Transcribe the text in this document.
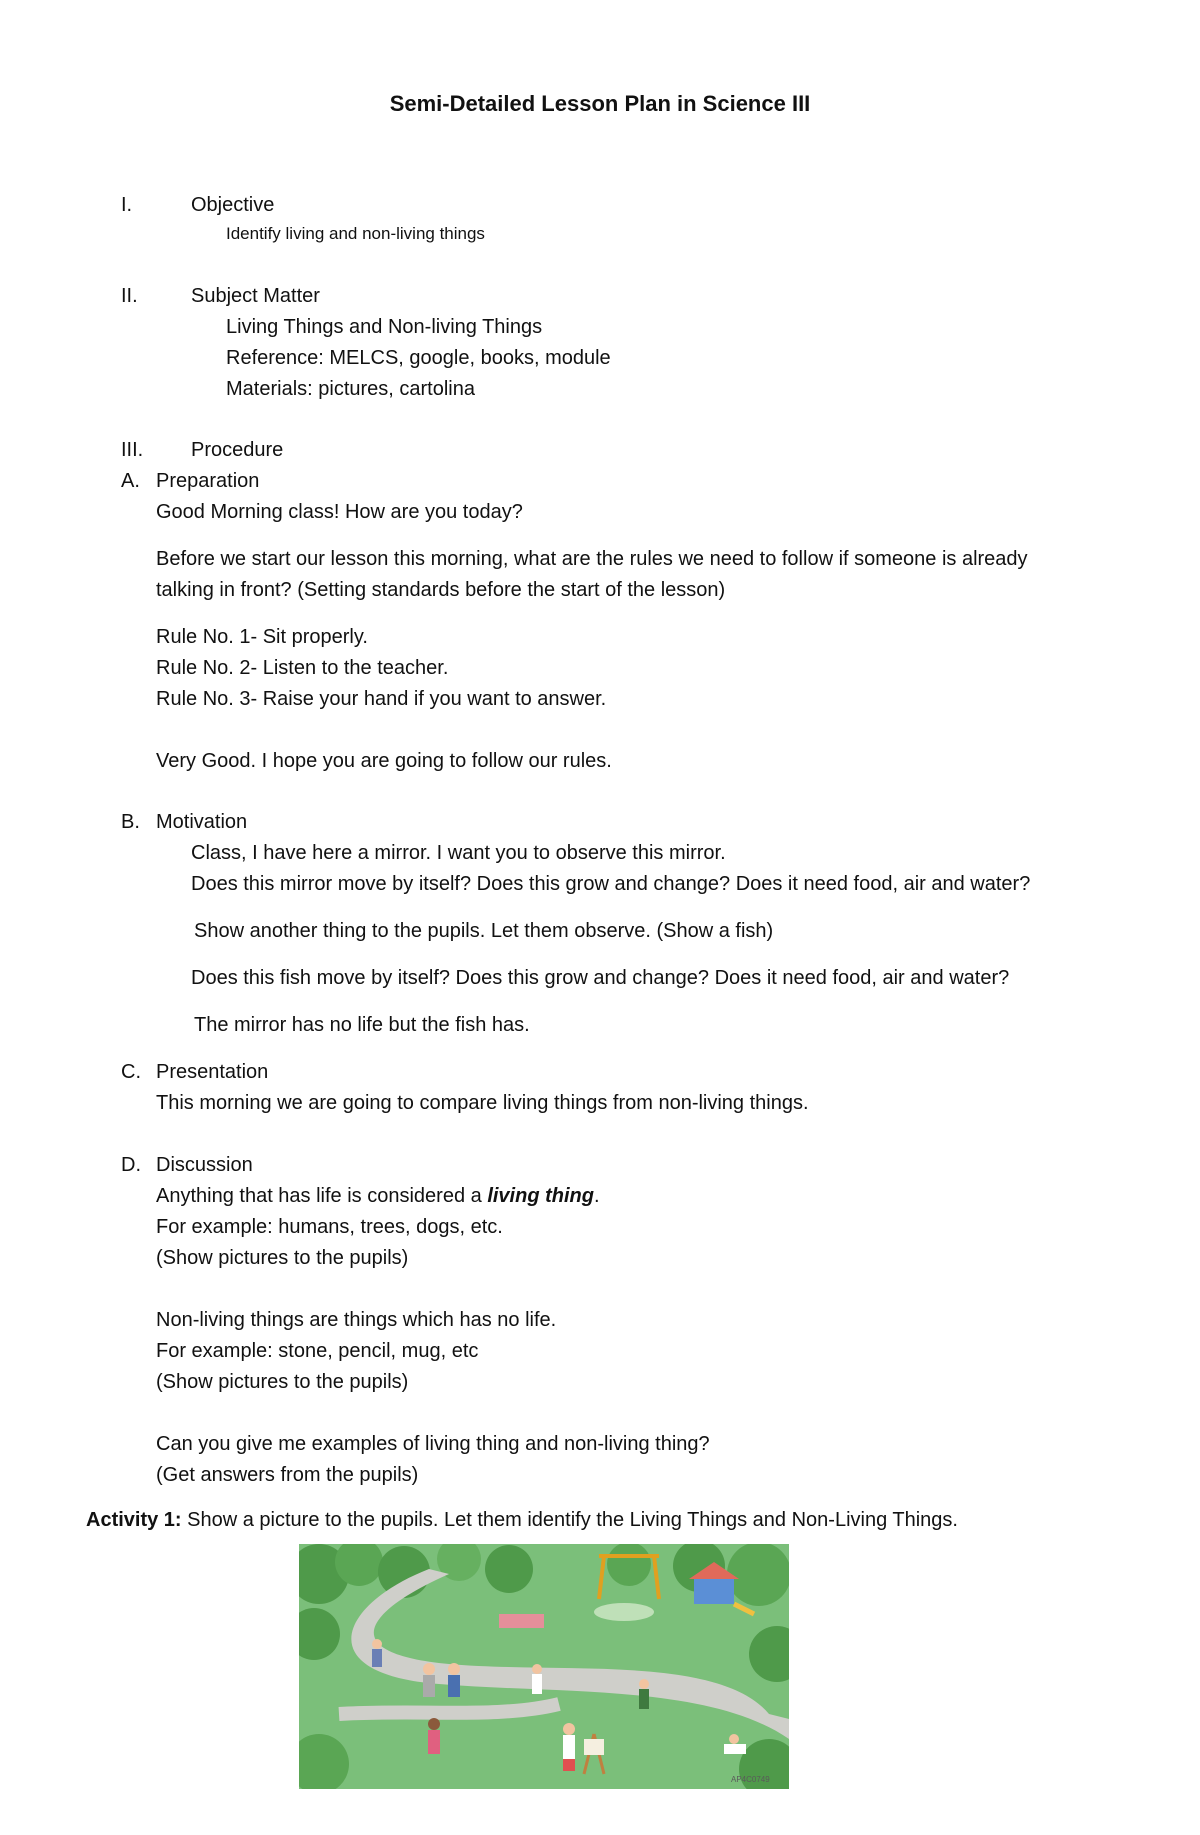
Semi-Detailed Lesson Plan in Science III
I.	Objective
Identify living and non-living things
II.	Subject Matter
Living Things and Non-living Things
Reference: MELCS, google, books, module
Materials: pictures, cartolina
III. Procedure
A. Preparation
Good Morning class! How are you today?
Before we start our lesson this morning, what are the rules we need to follow if someone is already
talking in front? (Setting standards before the start of the lesson)
Rule No. 1- Sit properly.
Rule No. 2- Listen to the teacher.
Rule No. 3- Raise your hand if you want to answer.
Very Good. I hope you are going to follow our rules.
B. Motivation
Class, I have here a mirror. I want you to observe this mirror.
Does this mirror move by itself? Does this grow and change? Does it need food, air and water?
Show another thing to the pupils. Let them observe. (Show a fish)
Does this fish move by itself? Does this grow and change? Does it need food, air and water?
The mirror has no life but the fish has.
C. Presentation
This morning we are going to compare living things from non-living things.
D. Discussion
Anything that has life is considered a living thing.
For example: humans, trees, dogs, etc.
(Show pictures to the pupils)
Non-living things are things which has no life.
For example: stone, pencil, mug, etc
(Show pictures to the pupils)
Can you give me examples of living thing and non-living thing?
(Get answers from the pupils)
Activity 1: Show a picture to the pupils. Let them identify the Living Things and Non-Living Things.
AP4C0749
